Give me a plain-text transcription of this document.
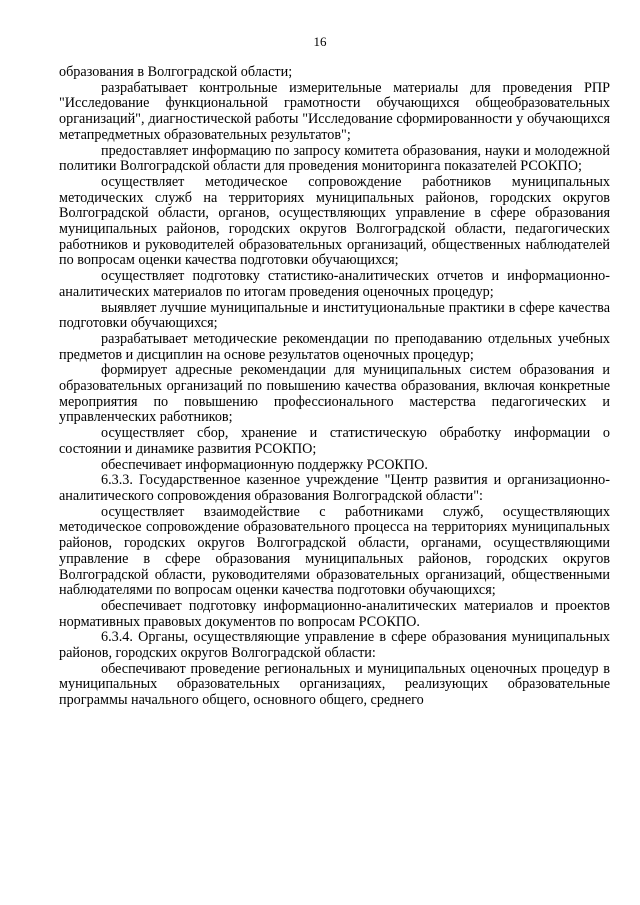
16

образования в Волгоградской области;

разрабатывает контрольные измерительные материалы для проведения РПР "Исследование функциональной грамотности обучающихся общеобразовательных организаций", диагностической работы "Исследование сформированности у обучающихся метапредметных образовательных результатов";

предоставляет информацию по запросу комитета образования, науки и молодежной политики Волгоградской области для проведения мониторинга показателей РСОКПО;

осуществляет методическое сопровождение работников муниципальных методических служб на территориях муниципальных районов, городских округов Волгоградской области, органов, осуществляющих управление в сфере образования муниципальных районов, городских округов Волгоградской области, педагогических работников и руководителей образовательных организаций, общественных наблюдателей по вопросам оценки качества подготовки обучающихся;

осуществляет подготовку статистико-аналитических отчетов и информационно-аналитических материалов по итогам проведения оценочных процедур;

выявляет лучшие муниципальные и институциональные практики в сфере качества подготовки обучающихся;

разрабатывает методические рекомендации по преподаванию отдельных учебных предметов и дисциплин на основе результатов оценочных процедур;

формирует адресные рекомендации для муниципальных систем образования и образовательных организаций по повышению качества образования, включая конкретные мероприятия по повышению профессионального мастерства педагогических и управленческих работников;

осуществляет сбор, хранение и статистическую обработку информации о состоянии и динамике развития РСОКПО;

обеспечивает информационную поддержку РСОКПО.

6.3.3. Государственное казенное учреждение "Центр развития и организационно-аналитического сопровождения образования Волгоградской области":

осуществляет взаимодействие с работниками служб, осуществляющих методическое сопровождение образовательного процесса на территориях муниципальных районов, городских округов Волгоградской области, органами, осуществляющими управление в сфере образования муниципальных районов, городских округов Волгоградской области, руководителями образовательных организаций, общественными наблюдателями по вопросам оценки качества подготовки обучающихся;

обеспечивает подготовку информационно-аналитических материалов и проектов нормативных правовых документов по вопросам РСОКПО.

6.3.4. Органы, осуществляющие управление в сфере образования муниципальных районов, городских округов Волгоградской области:

обеспечивают проведение региональных и муниципальных оценочных процедур в муниципальных образовательных организациях, реализующих образовательные программы начального общего, основного общего, среднего
